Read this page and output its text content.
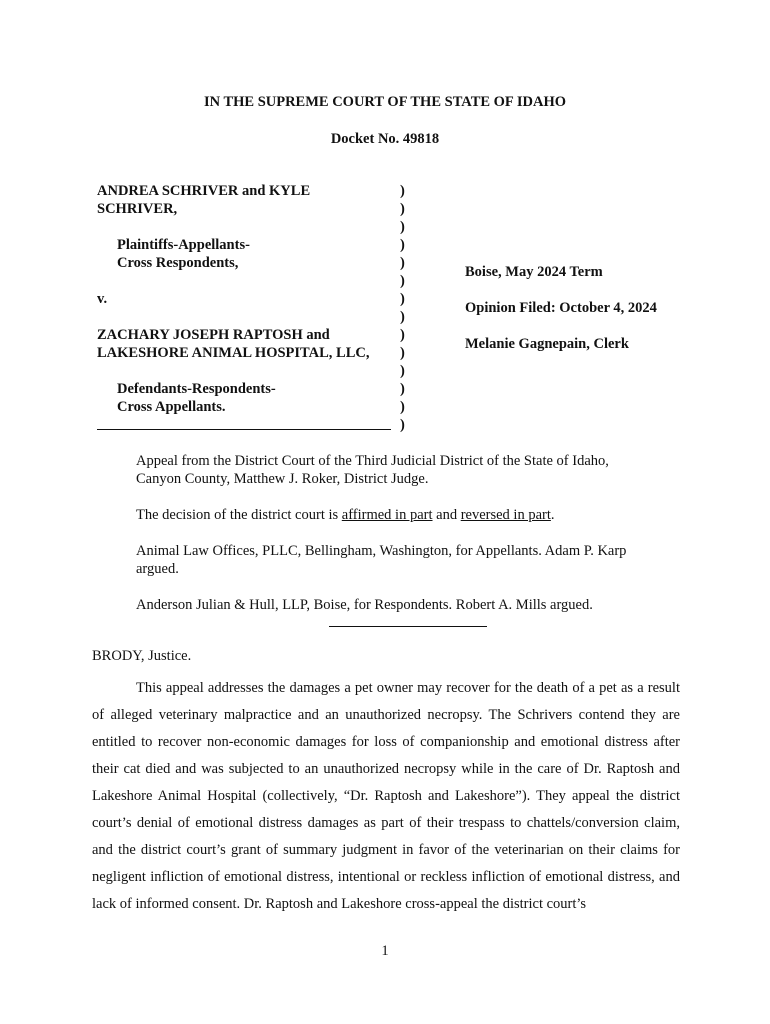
IN THE SUPREME COURT OF THE STATE OF IDAHO
Docket No. 49818
ANDREA SCHRIVER and KYLE
SCHRIVER,
Plaintiffs-Appellants-
Cross Respondents,
v.
ZACHARY JOSEPH RAPTOSH and
LAKESHORE ANIMAL HOSPITAL, LLC,
Defendants-Respondents-
Cross Appellants.
)
)
)
)
)
)
)
)
)
)
)
)
)
)
Boise, May 2024 Term
Opinion Filed: October 4, 2024
Melanie Gagnepain, Clerk

Appeal from the District Court of the Third Judicial District of the State of Idaho, Canyon County, Matthew J. Roker, District Judge.

The decision of the district court is affirmed in part and reversed in part.

Animal Law Offices, PLLC, Bellingham, Washington, for Appellants. Adam P. Karp argued.

Anderson Julian & Hull, LLP, Boise, for Respondents. Robert A. Mills argued.

BRODY, Justice.

This appeal addresses the damages a pet owner may recover for the death of a pet as a result of alleged veterinary malpractice and an unauthorized necropsy. The Schrivers contend they are entitled to recover non-economic damages for loss of companionship and emotional distress after their cat died and was subjected to an unauthorized necropsy while in the care of Dr. Raptosh and Lakeshore Animal Hospital (collectively, “Dr. Raptosh and Lakeshore”). They appeal the district court’s denial of emotional distress damages as part of their trespass to chattels/conversion claim, and the district court’s grant of summary judgment in favor of the veterinarian on their claims for negligent infliction of emotional distress, intentional or reckless infliction of emotional distress, and lack of informed consent. Dr. Raptosh and Lakeshore cross-appeal the district court’s

1
